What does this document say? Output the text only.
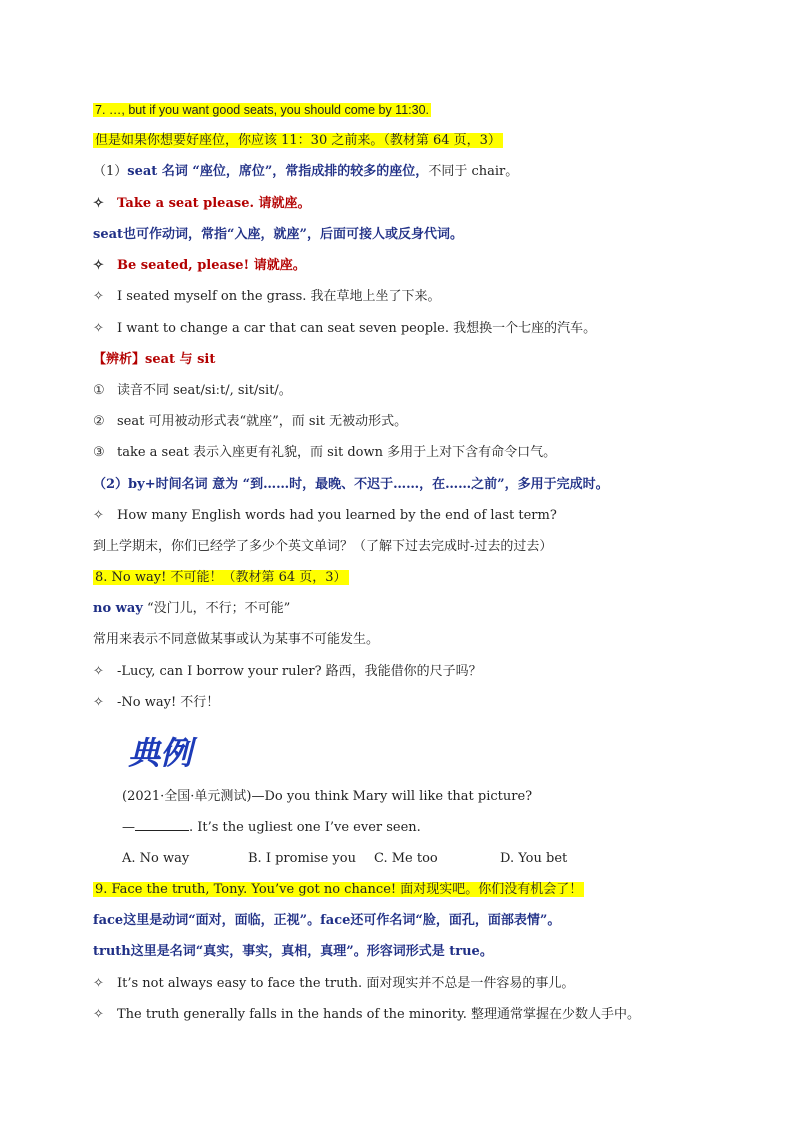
7. …, but if you want good seats, you should come by 11:30.
但是如果你想要好座位，你应该 11：30 之前来。（教材第 64 页，3）
（1）seat 名词 “座位，席位”，常指成排的较多的座位，不同于 chair。
✧ Take a seat please. 请就座。
seat也可作动词，常指“入座，就座”，后面可接人或反身代词。
✧ Be seated, please! 请就座。
✧ I seated myself on the grass. 我在草地上坐了下来。
✧ I want to change a car that can seat seven people. 我想换一个七座的汽车。
【辨析】seat 与 sit
① 读音不同 seat/siːt/, sit/sit/。
② seat 可用被动形式表“就座”，而 sit 无被动形式。
③ take a seat 表示入座更有礼貌，而 sit down 多用于上对下含有命令口气。
（2）by+时间名词 意为 “到……时，最晚、不迟于……，在……之前”，多用于完成时。
✧ How many English words had you learned by the end of last term?
到上学期末，你们已经学了多少个英文单词？（了解下过去完成时-过去的过去）
8. No way! 不可能！（教材第 64 页，3）
no way “没门儿，不行；不可能”
常用来表示不同意做某事或认为某事不可能发生。
✧ -Lucy, can I borrow your ruler? 路西，我能借你的尺子吗？
✧ -No way! 不行！
典例
(2021·全国·单元测试)—Do you think Mary will like that picture?
—	. It’s the ugliest one I’ve ever seen.
A. No way	B. I promise you C. Me too	D. You bet
9. Face the truth, Tony. You’ve got no chance! 面对现实吧。你们没有机会了！
face这里是动词“面对，面临，正视”。face还可作名词“脸，面孔，面部表情”。
truth这里是名词“真实，事实，真相，真理”。形容词形式是 true。
✧ It’s not always easy to face the truth. 面对现实并不总是一件容易的事儿。
✧ The truth generally falls in the hands of the minority. 整理通常掌握在少数人手中。
